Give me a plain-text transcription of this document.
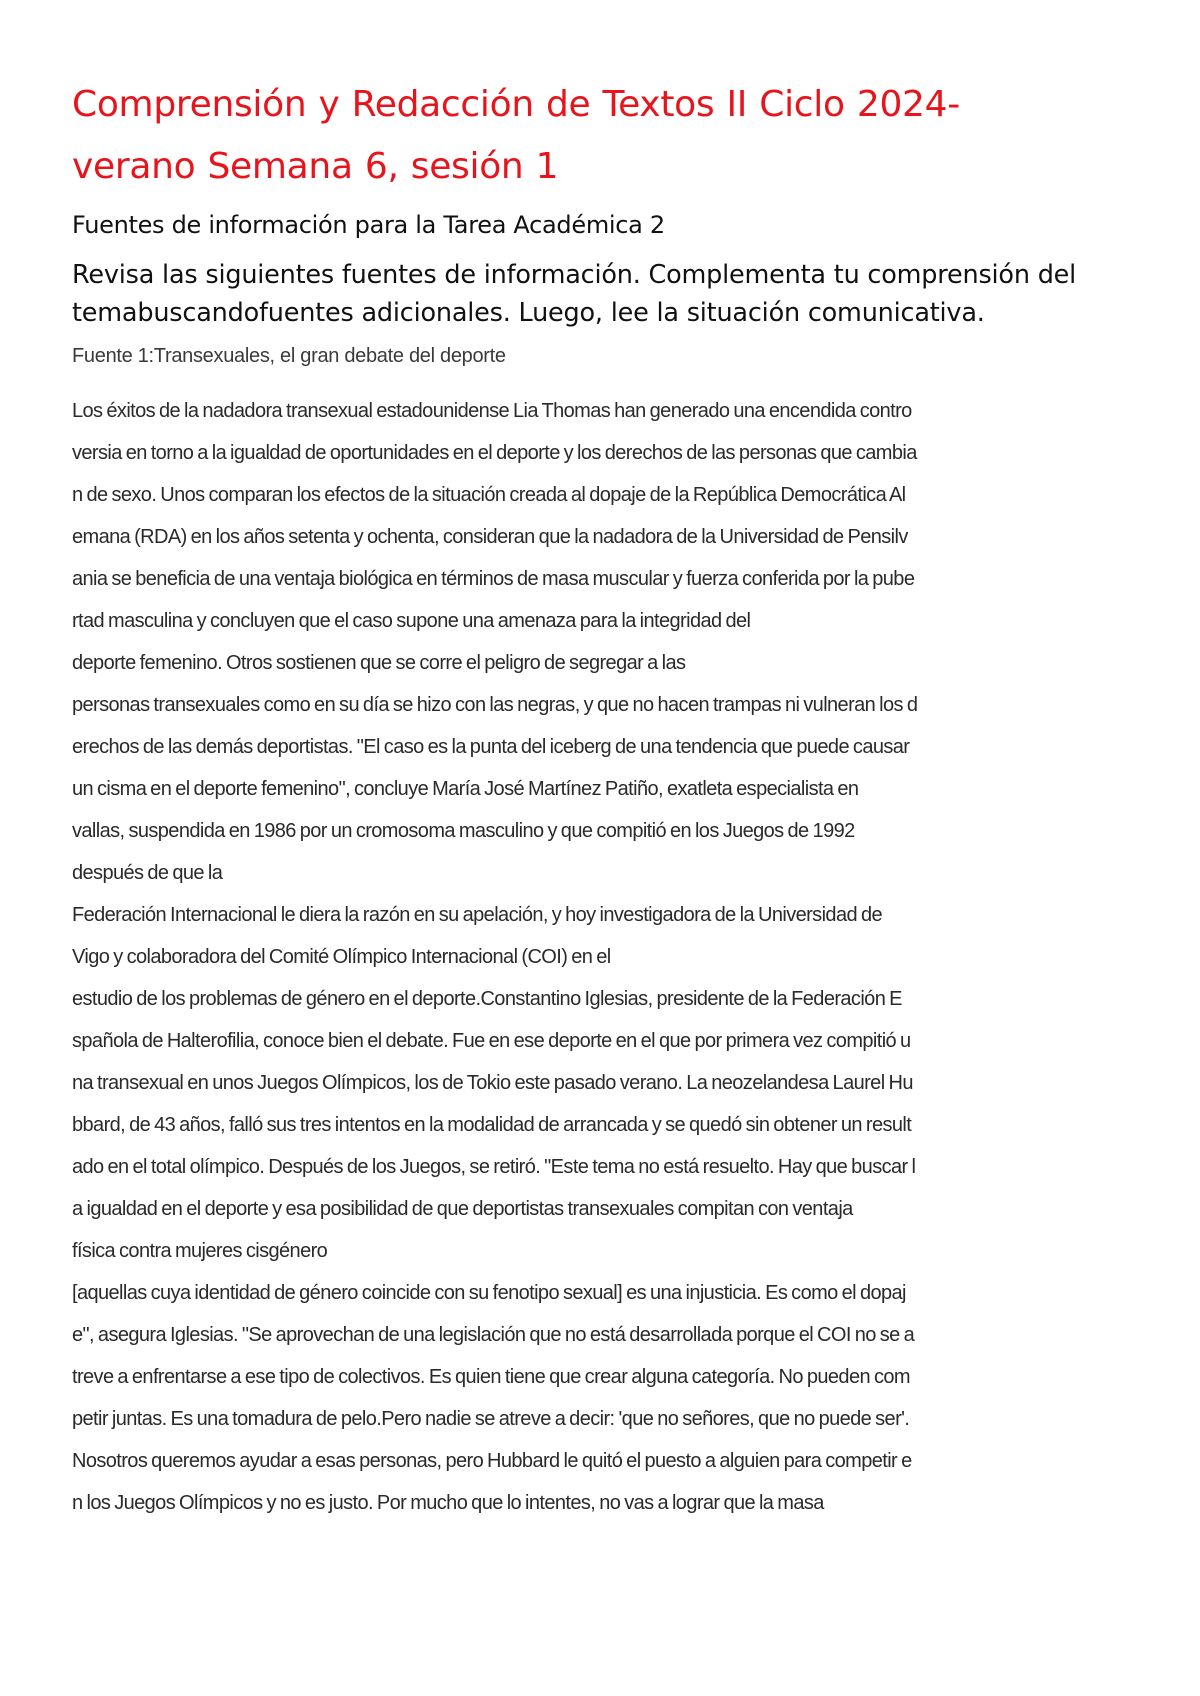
Comprensión y Redacción de Textos II Ciclo 2024-
verano Semana 6, sesión 1
Fuentes de información para la Tarea Académica 2
Revisa las siguientes fuentes de información. Complementa tu comprensión del
temabuscandofuentes adicionales. Luego, lee la situación comunicativa.

Fuente 1:Transexuales, el gran debate del deporte

Los éxitos de la nadadora transexual estadounidense Lia Thomas han generado una encendida contro
versia en torno a la igualdad de oportunidades en el deporte y los derechos de las personas que cambia
n de sexo. Unos comparan los efectos de la situación creada al dopaje de la República Democrática Al
emana (RDA) en los años setenta y ochenta, consideran que la nadadora de la Universidad de Pensilv
ania se beneficia de una ventaja biológica en términos de masa muscular y fuerza conferida por la pube
rtad masculina y concluyen que el caso supone una amenaza para la integridad del
deporte femenino. Otros sostienen que se corre el peligro de segregar a las
personas transexuales como en su día se hizo con las negras, y que no hacen trampas ni vulneran los d
erechos de las demás deportistas. "El caso es la punta del iceberg de una tendencia que puede causar
un cisma en el deporte femenino", concluye María José Martínez Patiño, exatleta especialista en
vallas, suspendida en 1986 por un cromosoma masculino y que compitió en los Juegos de 1992
después de que la
Federación Internacional le diera la razón en su apelación, y hoy investigadora de la Universidad de
Vigo y colaboradora del Comité Olímpico Internacional (COI) en el
estudio de los problemas de género en el deporte.Constantino Iglesias, presidente de la Federación E
spañola de Halterofilia, conoce bien el debate. Fue en ese deporte en el que por primera vez compitió u
na transexual en unos Juegos Olímpicos, los de Tokio este pasado verano. La neozelandesa Laurel Hu
bbard, de 43 años, falló sus tres intentos en la modalidad de arrancada y se quedó sin obtener un result
ado en el total olímpico. Después de los Juegos, se retiró. "Este tema no está resuelto. Hay que buscar l
a igualdad en el deporte y esa posibilidad de que deportistas transexuales compitan con ventaja
física contra mujeres cisgénero
[aquellas cuya identidad de género coincide con su fenotipo sexual] es una injusticia. Es como el dopaj
e", asegura Iglesias. "Se aprovechan de una legislación que no está desarrollada porque el COI no se a
treve a enfrentarse a ese tipo de colectivos. Es quien tiene que crear alguna categoría. No pueden com
petir juntas. Es una tomadura de pelo.Pero nadie se atreve a decir: 'que no señores, que no puede ser'.
Nosotros queremos ayudar a esas personas, pero Hubbard le quitó el puesto a alguien para competir e
n los Juegos Olímpicos y no es justo. Por mucho que lo intentes, no vas a lograr que la masa
